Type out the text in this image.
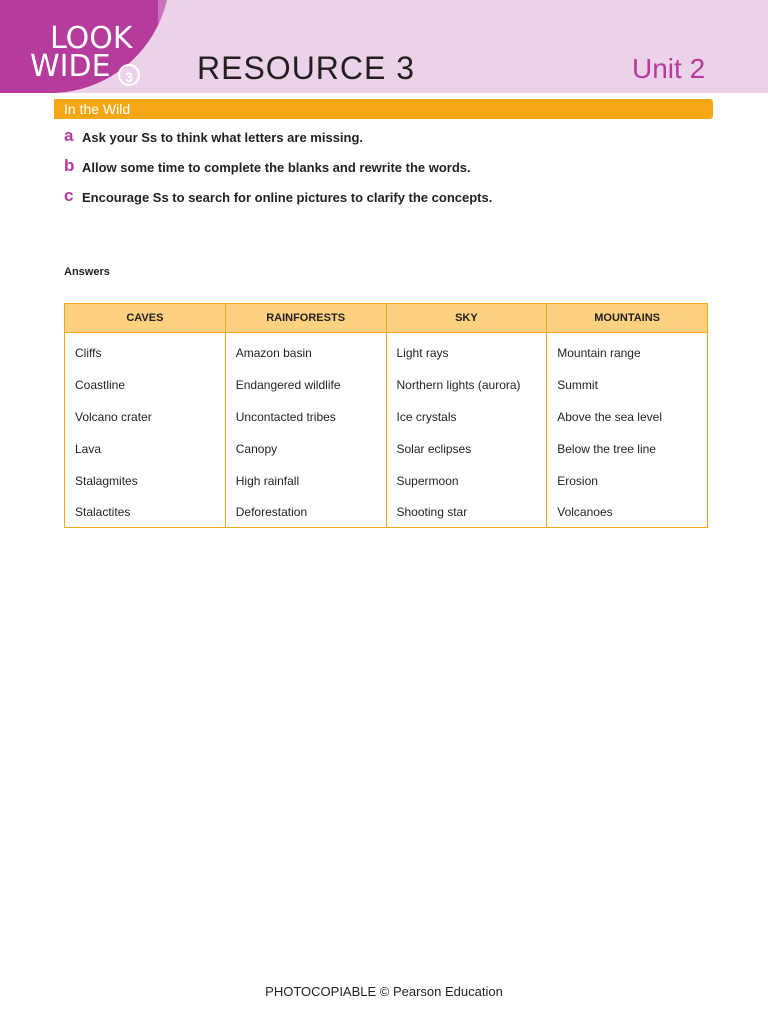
LOOK
WIDE	3 RESOURCE 3	Unit 2
In the Wild
a Ask your Ss to think what letters are missing.
b Allow some time to complete the blanks and rewrite the words.
c Encourage Ss to search for online pictures to clarify the concepts.
Answers
CAVES	RAINFORESTS	SKY	MOUNTAINS
Cliffs	Amazon basin	Light rays	Mountain range
Coastline	Endangered wildlife	Northern lights (aurora)	Summit
Volcano crater	Uncontacted tribes	Ice crystals	Above the sea level
Lava	Canopy	Solar eclipses	Below the tree line
Stalagmites	High rainfall	Supermoon	Erosion
Stalactites	Deforestation	Shooting star	Volcanoes
PHOTOCOPIABLE © Pearson Education
